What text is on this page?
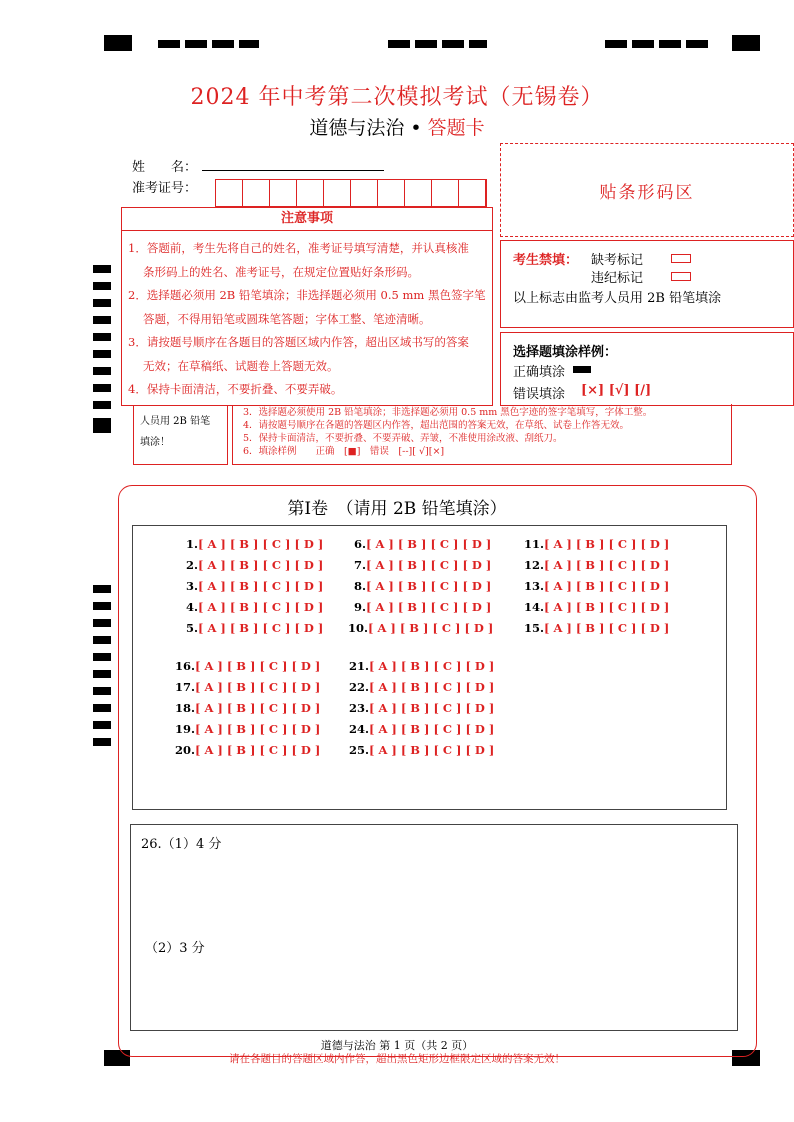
2024 年中考第二次模拟考试（无锡卷）
道德与法治 • 答题卡
姓　　名：
准考证号：	贴条形码区
人员用 2B 铅笔
填涂！
3．选择题必须使用 2B 铅笔填涂；非选择题必须用 0.5 mm 黑色字迹的签字笔填写，字体工整。
4．请按题号顺序在各题的答题区内作答，超出范围的答案无效，在草纸、试卷上作答无效。
5．保持卡面清洁，不要折叠、不要弄破、弄皱，不准使用涂改液、刮纸刀。
6．填涂样例　　正确　[■]　错误　[--][ √][×]
注意事项
1．答题前，考生先将自己的姓名，准考证号填写清楚，并认真核准
条形码上的姓名、准考证号，在规定位置贴好条形码。
2．选择题必须用 2B 铅笔填涂；非选择题必须用 0.5 mm 黑色签字笔
答题，不得用铅笔或圆珠笔答题；字体工整、笔迹清晰。
3．请按题号顺序在各题目的答题区域内作答，超出区域书写的答案
无效；在草稿纸、试题卷上答题无效。
4．保持卡面清洁，不要折叠、不要弄破。
考生禁填： 缺考标记
违纪标记
以上标志由监考人员用 2B 铅笔填涂
选择题填涂样例：
正确填涂
错误填涂 [×] [√] [/]
第Ⅰ卷　（请用 2B 铅笔填涂）
1.[ A ] [ B ] [ C ] [ D ]
2.[ A ] [ B ] [ C ] [ D ]
3.[ A ] [ B ] [ C ] [ D ]
4.[ A ] [ B ] [ C ] [ D ]
5.[ A ] [ B ] [ C ] [ D ]
6.[ A ] [ B ] [ C ] [ D ]
7.[ A ] [ B ] [ C ] [ D ]
8.[ A ] [ B ] [ C ] [ D ]
9.[ A ] [ B ] [ C ] [ D ]
10.[ A ] [ B ] [ C ] [ D ]
11.[ A ] [ B ] [ C ] [ D ]
12.[ A ] [ B ] [ C ] [ D ]
13.[ A ] [ B ] [ C ] [ D ]
14.[ A ] [ B ] [ C ] [ D ]
15.[ A ] [ B ] [ C ] [ D ]
16.[ A ] [ B ] [ C ] [ D ]
17.[ A ] [ B ] [ C ] [ D ]
18.[ A ] [ B ] [ C ] [ D ]
19.[ A ] [ B ] [ C ] [ D ]
20.[ A ] [ B ] [ C ] [ D ]
21.[ A ] [ B ] [ C ] [ D ]
22.[ A ] [ B ] [ C ] [ D ]
23.[ A ] [ B ] [ C ] [ D ]
24.[ A ] [ B ] [ C ] [ D ]
25.[ A ] [ B ] [ C ] [ D ]
26.（1）4 分
（2）3 分
道德与法治 第 1 页（共 2 页）
请在各题目的答题区域内作答，超出黑色矩形边框限定区域的答案无效！
